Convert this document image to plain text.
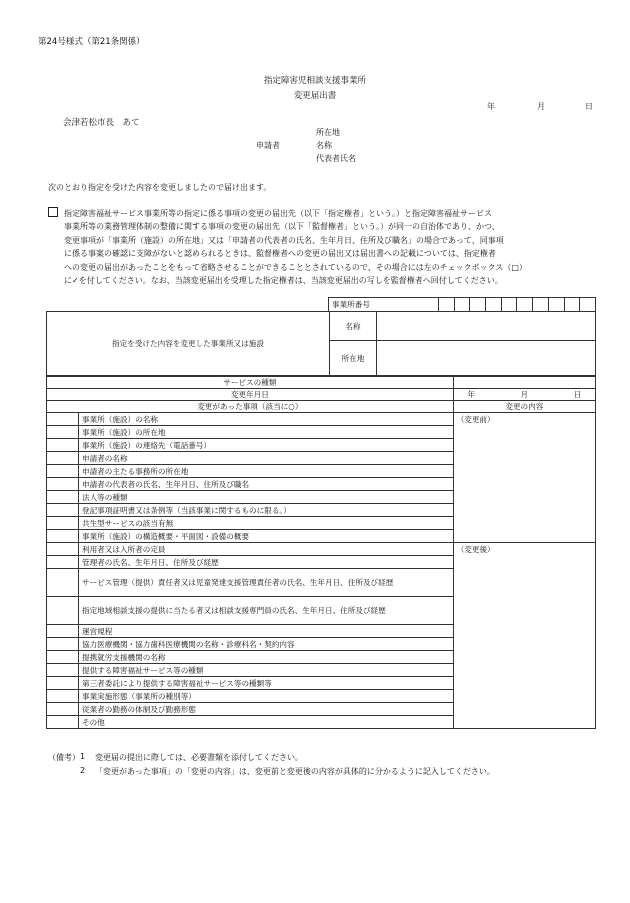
第24号様式（第21条関係）
指定障害児相談支援事業所
変更届出書
年	月	日
会津若松市長　あて
申請者
所在地
名称
代表者氏名
次のとおり指定を受けた内容を変更しましたので届け出ます。
指定障害福祉サービス事業所等の指定に係る事項の変更の届出先（以下「指定権者」という。）と指定障害福祉サービス
事業所等の業務管理体制の整備に関する事項の変更の届出先（以下「監督権者」という。）が同一の自治体であり、かつ、
変更事項が「事業所（施設）の所在地」又は「申請者の代表者の氏名、生年月日、住所及び職名」の場合であって、同事項
に係る事案の確認に支障がないと認められるときは、監督権者への変更の届出又は届出書への記載については、指定権者
への変更の届出があったことをもって省略させることができることとされているので、その場合には左のチェックボックス（□）
に✓を付してください。なお、当該変更届出を受理した指定権者は、当該変更届出の写しを監督権者へ回付してください。
事業所番号										
指定を受けた内容を変更した事業所又は施設	名称	
	所在地	
サービスの種類		
変更年月日		年　　　　　　月　　　　　　日
変更があった事項（該当に○）		変更の内容
	事業所（施設）の名称	（変更前）
	事業所（施設）の所在地	
	事業所（施設）の連絡先（電話番号）	
	申請者の名称	
	申請者の主たる事務所の所在地	
	申請者の代表者の氏名、生年月日、住所及び職名	
	法人等の種類	
	登記事項証明書又は条例等（当該事業に関するものに限る。）	
	共生型サービスの該当有無	
	事業所（施設）の構造概要・平面図・設備の概要	
	利用者又は入所者の定員	（変更後）
	管理者の氏名、生年月日、住所及び経歴	
	サービス管理（提供）責任者又は児童発達支援管理責任者の氏名、生年月日、住所及び経歴	
	指定地域相談支援の提供に当たる者又は相談支援専門員の氏名、生年月日、住所及び経歴	
	運営規程	
	協力医療機関・協力歯科医療機関の名称・診療科名・契約内容	
	提携就労支援機関の名称	
	提供する障害福祉サービス等の種類	
	第三者委託により提供する障害福祉サービス等の種類等	
	事業実施形態（事業所の種別等）	
	従業者の勤務の体制及び勤務形態	
	その他	
（備考） 1 変更届の提出に際しては、必要書類を添付してください。
2 「変更があった事項」の「変更の内容」は、変更前と変更後の内容が具体的に分かるように記入してください。
